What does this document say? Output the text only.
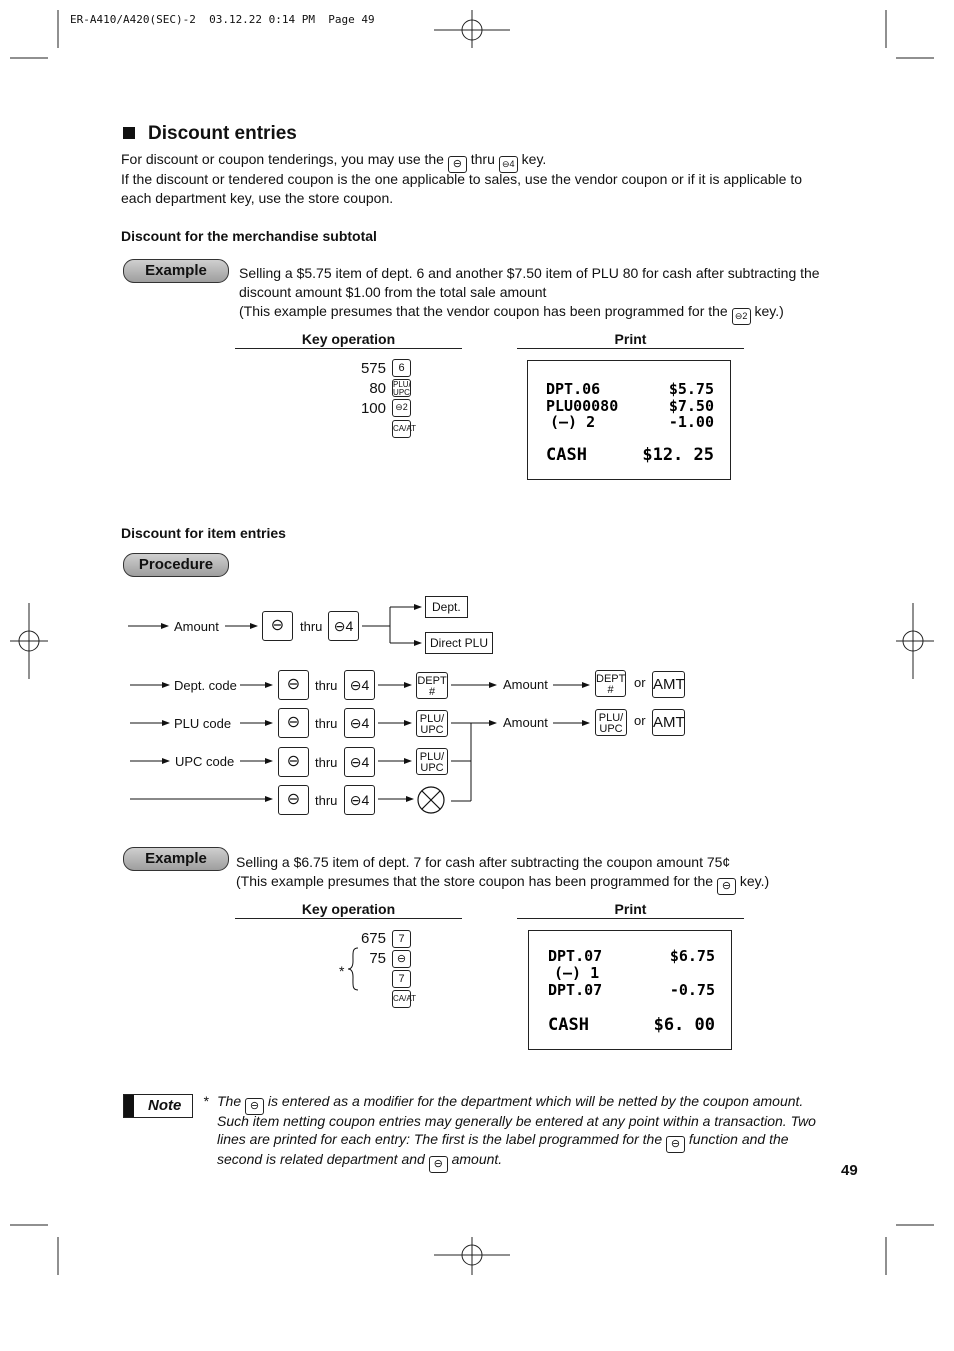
ER-A410/A420(SEC)-2  03.12.22 0:14 PM  Page 49
Discount entries
For discount or coupon tenderings, you may use the ⊖ thru ⊖4 key.
If the discount or tendered coupon is the one applicable to sales, use the vendor coupon or if it is applicable to
each department key, use the store coupon.
Discount for the merchandise subtotal
Example	Selling a $5.75 item of dept. 6 and another $7.50 item of PLU 80 for cash after subtracting the
discount amount $1.00 from the total sale amount
(This example presumes that the vendor coupon has been programmed for the ⊖2 key.)
Key operation	Print
575	6
80 PLU/ UPC
100	⊖2
CA/AT
DPT.06	$5.75
PLU00080	$7.50
(–) 2	-1.00
CASH	$12. 25
Discount for item entries
Procedure
Amount	⊖	thru ⊖4
Dept.
Direct PLU
Dept. code	⊖	thru ⊖4	DEPT #	Amount	DEPT #	or AMT
PLU code	⊖	thru ⊖4	PLU/ UPC	Amount	PLU/ UPC
or AMT
UPC code	⊖	thru ⊖4	PLU/ UPC
⊖	thru ⊖4
Example	Selling a $6.75 item of dept. 7 for cash after subtracting the coupon amount 75¢
(This example presumes that the store coupon has been programmed for the ⊖ key.)
Key operation	Print
675	7
75 ⊖
7
CA/AT
*
DPT.07	$6.75
(–) 1
DPT.07	-0.75
CASH	$6. 00
Note * The ⊖ is entered as a modifier for the department which will be netted by the coupon amount.
Such item netting coupon entries may generally be entered at any point within a transaction. Two
lines are printed for each entry: The first is the label programmed for the ⊖ function and the
second is related department and ⊖ amount.
49
